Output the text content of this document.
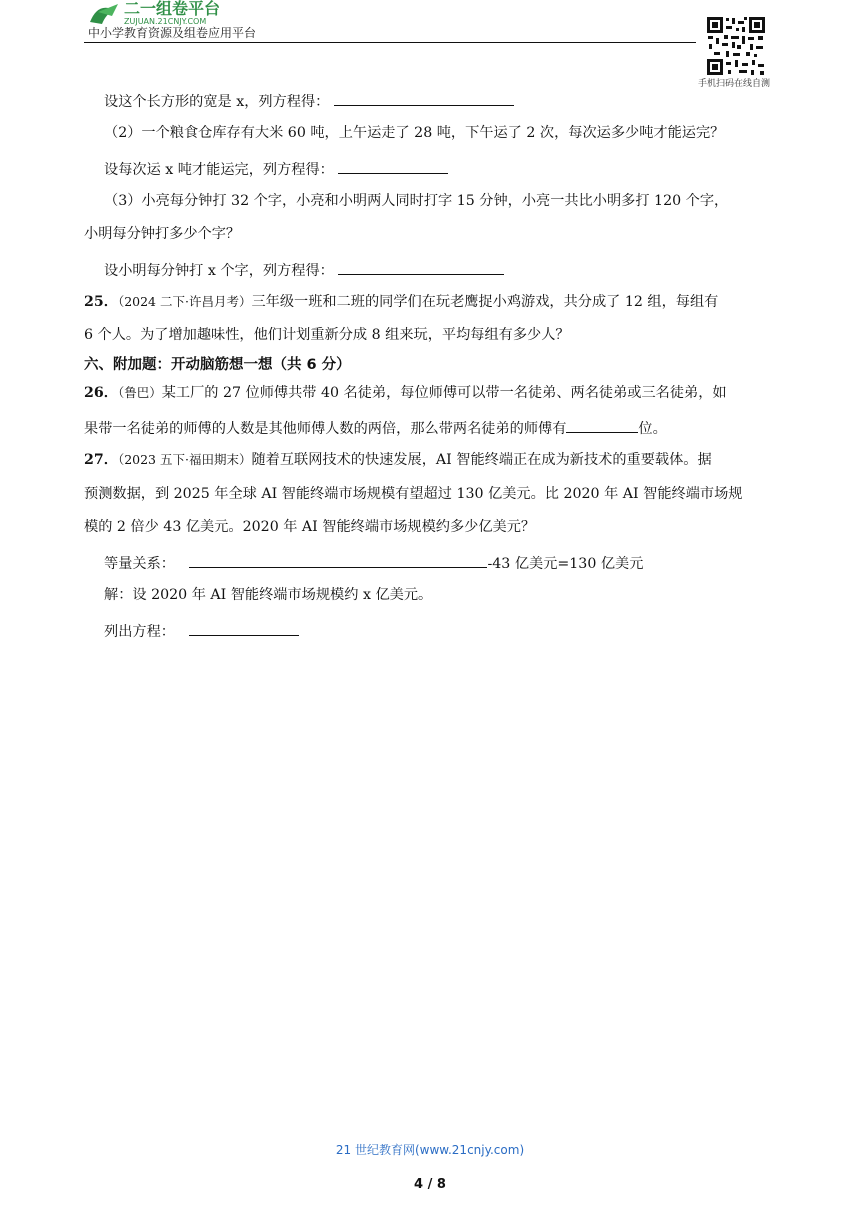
二一组卷平台
ZUJUAN.21CNJY.COM
中小学教育资源及组卷应用平台
手机扫码在线自测
设这个长方形的宽是 x，列方程得：
（2）一个粮食仓库存有大米 60 吨，上午运走了 28 吨，下午运了 2 次，每次运多少吨才能运完？
设每次运 x 吨才能运完，列方程得：
（3）小亮每分钟打 32 个字，小亮和小明两人同时打字 15 分钟，小亮一共比小明多打 120 个字，
小明每分钟打多少个字？
设小明每分钟打 x 个字，列方程得：
25．（2024 二下·许昌月考）三年级一班和二班的同学们在玩老鹰捉小鸡游戏，共分成了 12 组，每组有
6 个人。为了增加趣味性，他们计划重新分成 8 组来玩，平均每组有多少人？
六、附加题：开动脑筋想一想（共 6 分）
26．（鲁巴）某工厂的 27 位师傅共带 40 名徒弟，每位师傅可以带一名徒弟、两名徒弟或三名徒弟，如
果带一名徒弟的师傅的人数是其他师傅人数的两倍，那么带两名徒弟的师傅有	位。
27．（2023 五下·福田期末）随着互联网技术的快速发展，AI 智能终端正在成为新技术的重要载体。据
预测数据，到 2025 年全球 AI 智能终端市场规模有望超过 130 亿美元。比 2020 年 AI 智能终端市场规
模的 2 倍少 43 亿美元。2020 年 AI 智能终端市场规模约多少亿美元？
等量关系：	-43 亿美元=130 亿美元
解：设 2020 年 AI 智能终端市场规模约 x 亿美元。
列出方程：
21 世纪教育网(www.21cnjy.com)
4 / 8
